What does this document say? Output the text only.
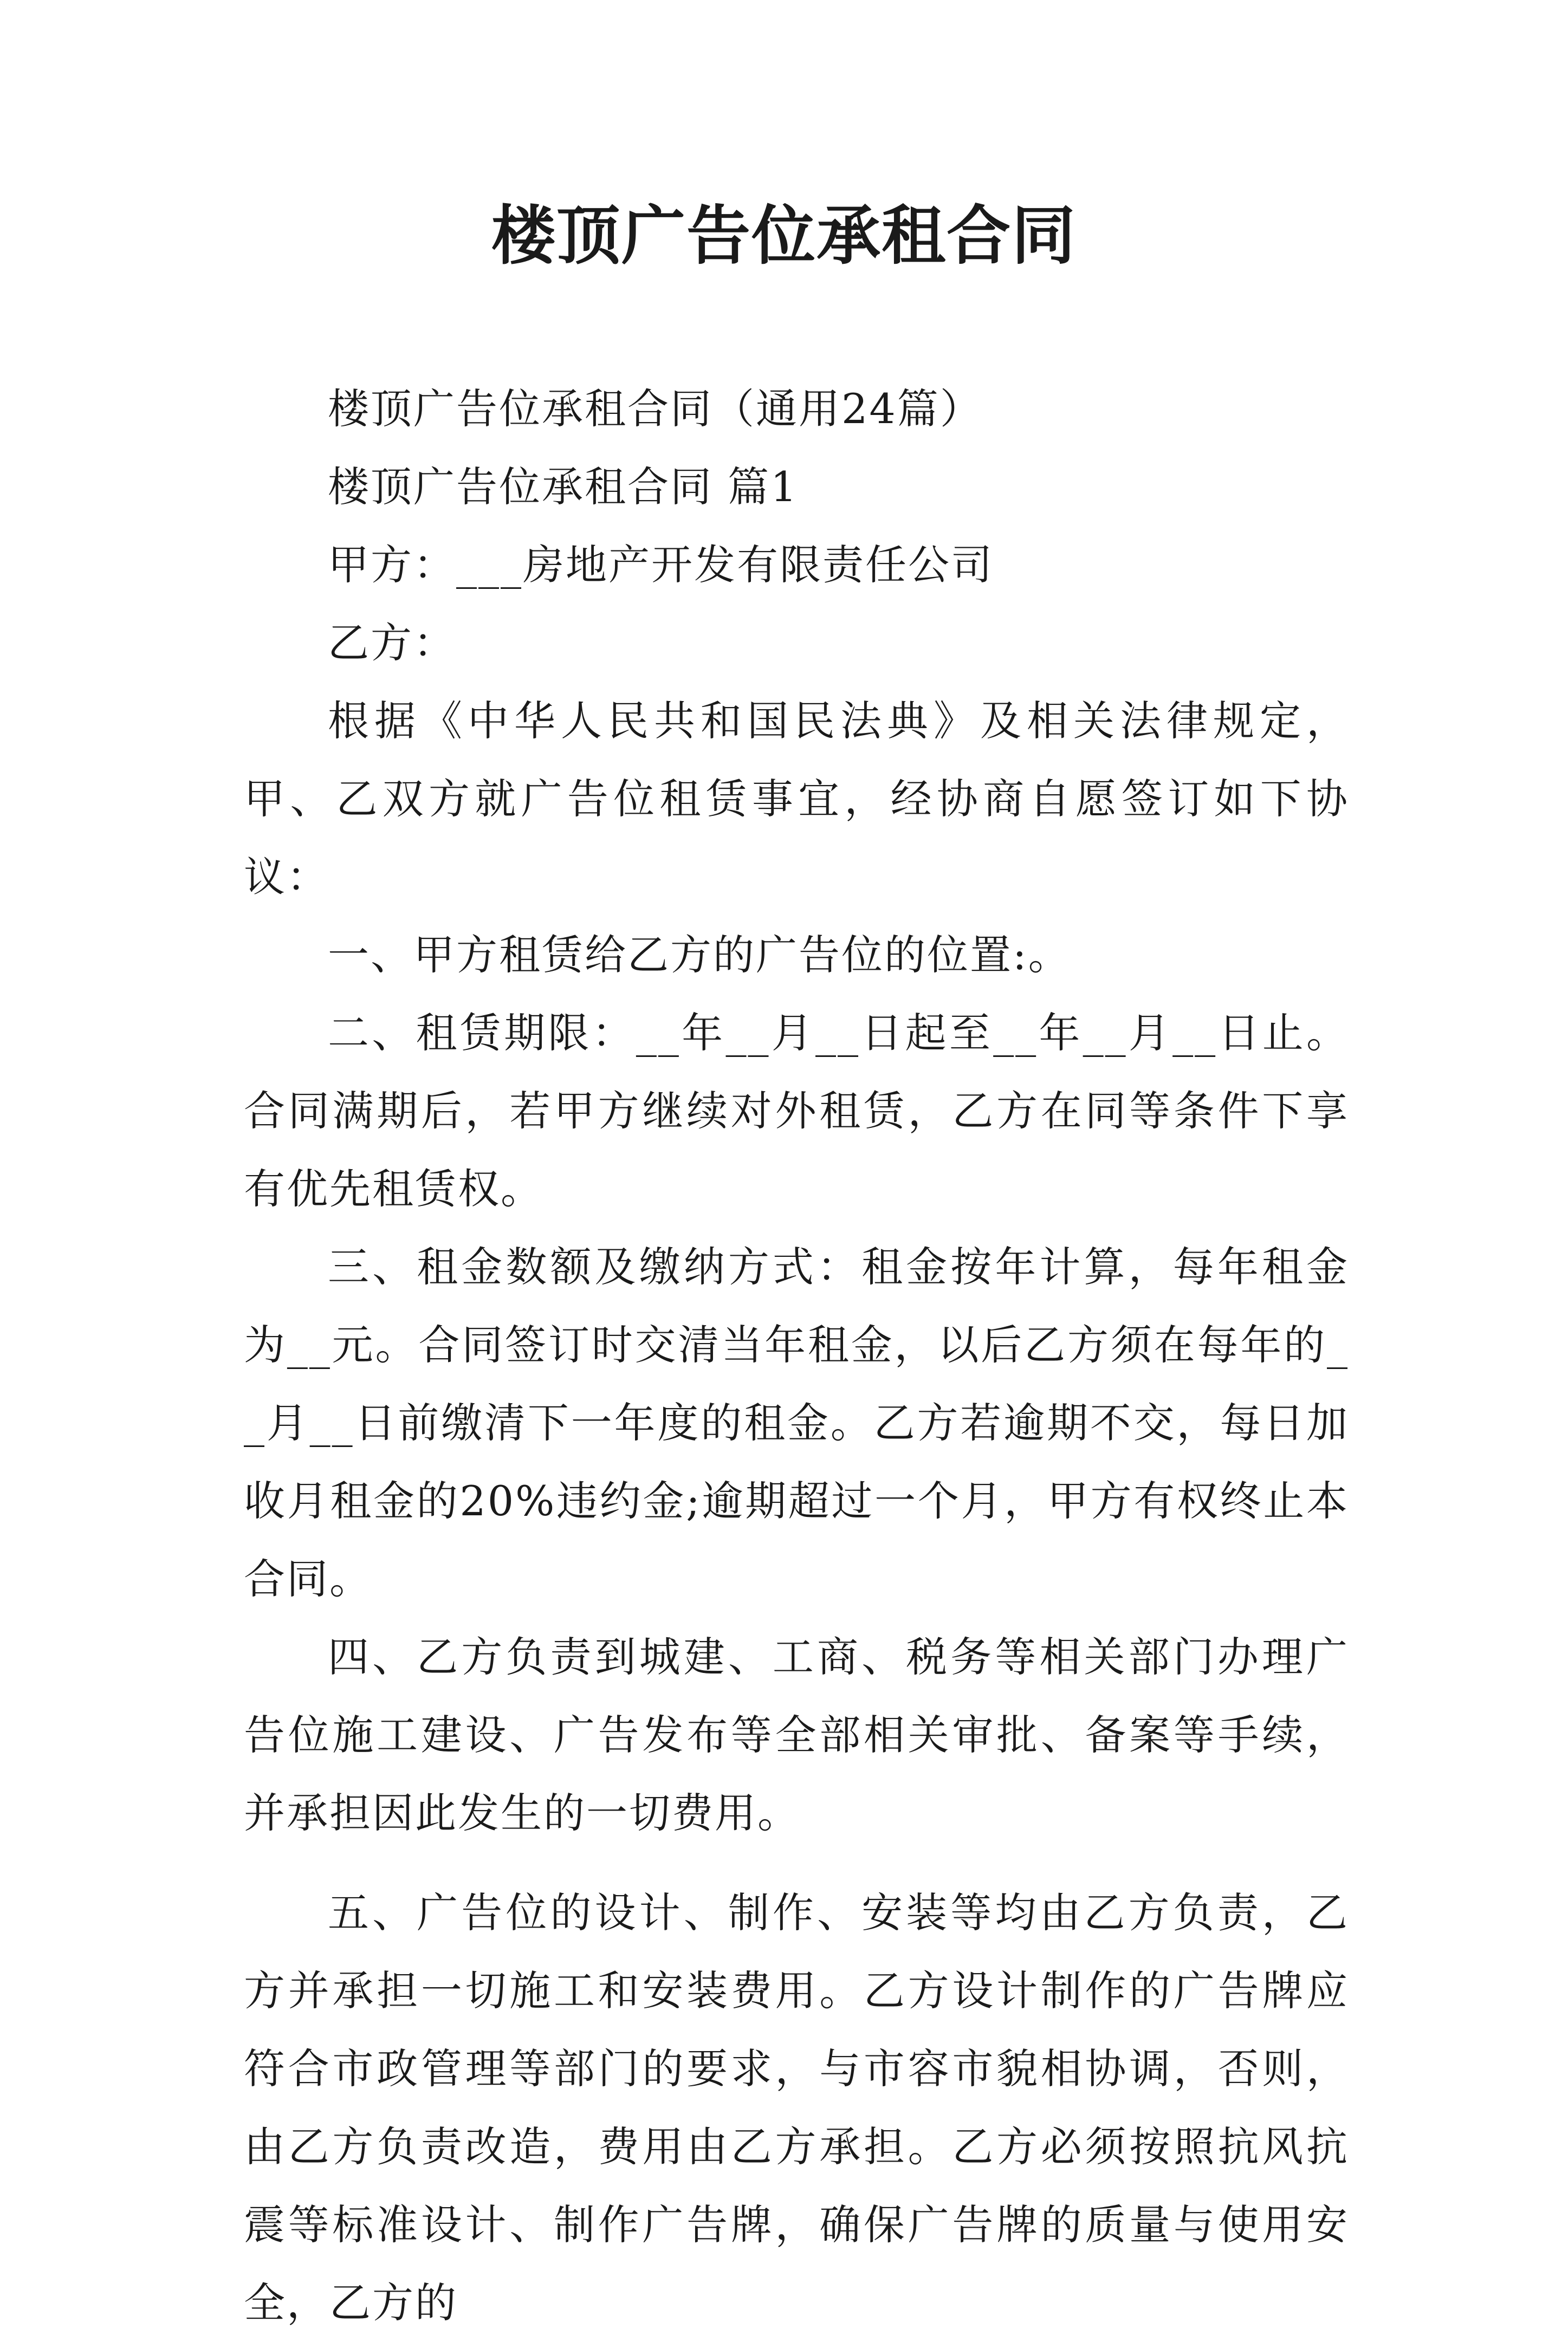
楼顶广告位承租合同

楼顶广告位承租合同（通用24篇）

楼顶广告位承租合同 篇1

甲方：___房地产开发有限责任公司

乙方：

根据《中华人民共和国民法典》及相关法律规定，甲、乙双方就广告位租赁事宜，经协商自愿签订如下协议：

一、甲方租赁给乙方的广告位的位置:。

二、租赁期限：__年__月__日起至__年__月__日止。合同满期后，若甲方继续对外租赁，乙方在同等条件下享有优先租赁权。

三、租金数额及缴纳方式：租金按年计算，每年租金为__元。合同签订时交清当年租金，以后乙方须在每年的__月__日前缴清下一年度的租金。乙方若逾期不交，每日加收月租金的20%违约金;逾期超过一个月，甲方有权终止本合同。

四、乙方负责到城建、工商、税务等相关部门办理广告位施工建设、广告发布等全部相关审批、备案等手续，并承担因此发生的一切费用。

五、广告位的设计、制作、安装等均由乙方负责，乙方并承担一切施工和安装费用。乙方设计制作的广告牌应符合市政管理等部门的要求，与市容市貌相协调，否则，由乙方负责改造，费用由乙方承担。乙方必须按照抗风抗震等标准设计、制作广告牌，确保广告牌的质量与使用安全，乙方的
